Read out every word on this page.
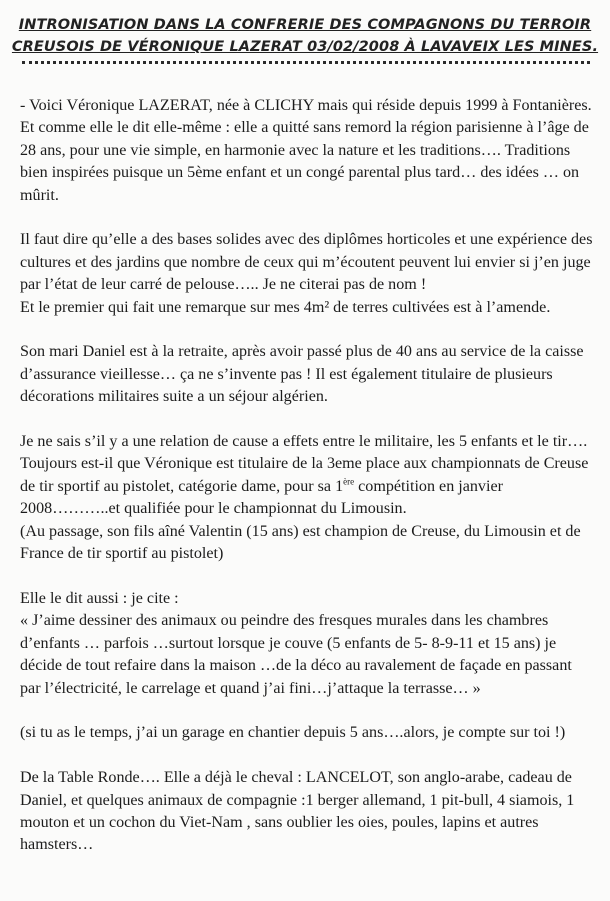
INTRONISATION DANS LA CONFRERIE DES COMPAGNONS DU TERROIR
CREUSOIS DE VÉRONIQUE LAZERAT 03/02/2008 À LAVAVEIX LES MINES.

- Voici Véronique LAZERAT, née à CLICHY mais qui réside depuis 1999 à Fontanières. Et comme elle le dit elle-même : elle a quitté sans remord la région parisienne à l’âge de 28 ans, pour une vie simple, en harmonie avec la nature et les traditions…. Traditions bien inspirées puisque un 5ème enfant et un congé parental plus tard… des idées … on mûrit.

Il faut dire qu’elle a des bases solides avec des diplômes horticoles et une expérience des cultures et des jardins que nombre de ceux qui m’écoutent peuvent lui envier si j’en juge par l’état de leur carré de pelouse….. Je ne citerai pas de nom !

Et le premier qui fait une remarque sur mes 4m² de terres cultivées est à l’amende.

Son mari Daniel est à la retraite, après avoir passé plus de 40 ans au service de la caisse d’assurance vieillesse… ça ne s’invente pas ! Il est également titulaire de plusieurs décorations militaires suite a un séjour algérien.

Je ne sais s’il y a une relation de cause a effets entre le militaire, les 5 enfants et le tir…. Toujours est-il que Véronique est titulaire de la 3eme place aux championnats de Creuse de tir sportif au pistolet, catégorie dame, pour sa 1ère compétition en janvier 2008………..et qualifiée pour le championnat du Limousin.

(Au passage, son fils aîné Valentin (15 ans) est champion de Creuse, du Limousin et de France de tir sportif au pistolet)

Elle le dit aussi : je cite :

« J’aime dessiner des animaux ou peindre des fresques murales dans les chambres d’enfants … parfois …surtout lorsque je couve (5 enfants de 5- 8-9-11 et 15 ans) je décide de tout refaire dans la maison …de la déco au ravalement de façade en passant par l’électricité, le carrelage et quand j’ai fini…j’attaque la terrasse… »

(si tu as le temps, j’ai un garage en chantier depuis 5 ans….alors, je compte sur toi !)

De la Table Ronde…. Elle a déjà le cheval : LANCELOT, son anglo-arabe, cadeau de Daniel, et quelques animaux de compagnie :1 berger allemand, 1 pit-bull, 4 siamois, 1 mouton et un cochon du Viet-Nam , sans oublier les oies, poules, lapins et autres hamsters…
